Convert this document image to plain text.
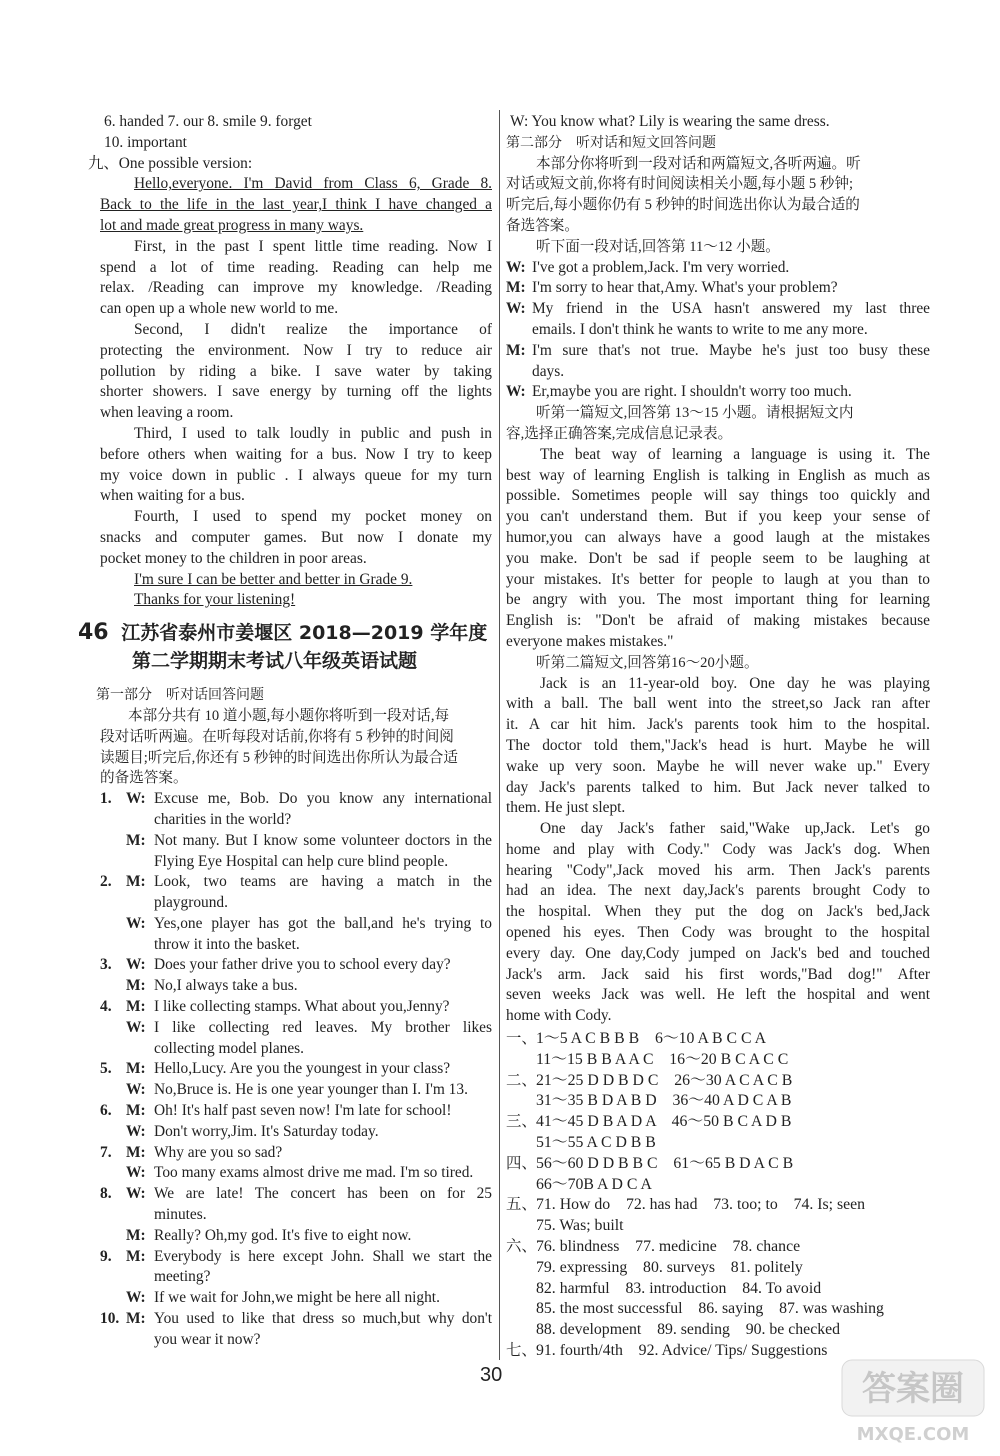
6. handed 7. our 8. smile 9. forget
10. important
九、One possible version:
Hello,everyone. I'm David from Class 6, Grade 8.
Back to the life in the last year,I think I have changed a
lot and made great progress in many ways.
First, in the past I spent little time reading. Now I
spend a lot of time reading. Reading can help me
relax. /Reading can improve my knowledge. /Reading
can open up a whole new world to me.
Second, I didn't realize the importance of
protecting the environment. Now I try to reduce air
pollution by riding a bike. I save water by taking
shorter showers. I save energy by turning off the lights
when leaving a room.
Third, I used to talk loudly in public and push in
before others when waiting for a bus. Now I try to keep
my voice down in public . I always queue for my turn
when waiting for a bus.
Fourth, I used to spend my pocket money on
snacks and computer games. But now I donate my
pocket money to the children in poor areas.
I'm sure I can be better and better in Grade 9.
Thanks for your listening!
46 江苏省泰州市姜堰区 2018—2019 学年度
第二学期期末考试八年级英语试题
第一部分　听对话回答问题
本部分共有 10 道小题,每小题你将听到一段对话,每
段对话听两遍。在听每段对话前,你将有 5 秒钟的时间阅
读题目;听完后,你还有 5 秒钟的时间选出你所认为最合适
的备选答案。
1. W: Excuse me, Bob. Do you know any international
charities in the world?
M: Not many. But I know some volunteer doctors in the
Flying Eye Hospital can help cure blind people.
2. M: Look, two teams are having a match in the
playground.
W: Yes,one player has got the ball,and he's trying to
throw it into the basket.
3. W: Does your father drive you to school every day?
M: No,I always take a bus.
4. M: I like collecting stamps. What about you,Jenny?
W: I like collecting red leaves. My brother likes
collecting model planes.
5. M: Hello,Lucy. Are you the youngest in your class?
W: No,Bruce is. He is one year younger than I. I'm 13.
6. M: Oh! It's half past seven now! I'm late for school!
W: Don't worry,Jim. It's Saturday today.
7. M: Why are you so sad?
W: Too many exams almost drive me mad. I'm so tired.
8. W: We are late! The concert has been on for 25
minutes.
M: Really? Oh,my god. It's five to eight now.
9. M: Everybody is here except John. Shall we start the
meeting?
W: If we wait for John,we might be here all night.
10. M: You used to like that dress so much,but why don't
you wear it now?
W: You know what? Lily is wearing the same dress.
第二部分　听对话和短文回答问题
本部分你将听到一段对话和两篇短文,各听两遍。听
对话或短文前,你将有时间阅读相关小题,每小题 5 秒钟;
听完后,每小题你仍有 5 秒钟的时间选出你认为最合适的
备选答案。
听下面一段对话,回答第 11～12 小题。
W: I've got a problem,Jack. I'm very worried.
M: I'm sorry to hear that,Amy. What's your problem?
W: My friend in the USA hasn't answered my last three
emails. I don't think he wants to write to me any more.
M: I'm sure that's not true. Maybe he's just too busy these
days.
W: Er,maybe you are right. I shouldn't worry too much.
听第一篇短文,回答第 13～15 小题。请根据短文内
容,选择正确答案,完成信息记录表。
The beat way of learning a language is using it. The
best way of learning English is talking in English as much as
possible. Sometimes people will say things too quickly and
you can't understand them. But if you keep your sense of
humor,you can always have a good laugh at the mistakes
you make. Don't be sad if people seem to be laughing at
your mistakes. It's better for people to laugh at you than to
be angry with you. The most important thing for learning
English is: "Don't be afraid of making mistakes because
everyone makes mistakes."
听第二篇短文,回答第16～20小题。
Jack is an 11-year-old boy. One day he was playing
with a ball. The ball went into the street,so Jack ran after
it. A car hit him. Jack's parents took him to the hospital.
The doctor told them,"Jack's head is hurt. Maybe he will
wake up very soon. Maybe he will never wake up." Every
day Jack's parents talked to him. But Jack never talked to
them. He just slept.
One day Jack's father said,"Wake up,Jack. Let's go
home and play with Cody." Cody was Jack's dog. When
hearing "Cody",Jack moved his arm. Then Jack's parents
had an idea. The next day,Jack's parents brought Cody to
the hospital. When they put the dog on Jack's bed,Jack
opened his eyes. Then Cody was brought to the hospital
every day. One day,Cody jumped on Jack's bed and touched
Jack's arm. Jack said his first words,"Bad dog!" After
seven weeks Jack was well. He left the hospital and went
home with Cody.
一、 1～5 A C B B B　6～10 A B C C A
11～15 B B A A C　16～20 B C A C C
二、 21～25 D D B D C　26～30 A C A C B
31～35 B D A B D　36～40 A D C A B
三、 41～45 D B A D A　46～50 B C A D B
51～55 A C D B B
四、 56～60 D D B B C　61～65 B D A C B
66～70B A D C A
五、 71. How do　72. has had　73. too; to　74. Is; seen
75. Was; built
六、 76. blindness　77. medicine　78. chance
79. expressing　80. surveys　81. politely
82. harmful　83. introduction　84. To avoid
85. the most successful　86. saying　87. was washing
88. development　89. sending　90. be checked
七、 91. fourth/4th　92. Advice/ Tips/ Suggestions
30	答案圈
MXQE.COM
